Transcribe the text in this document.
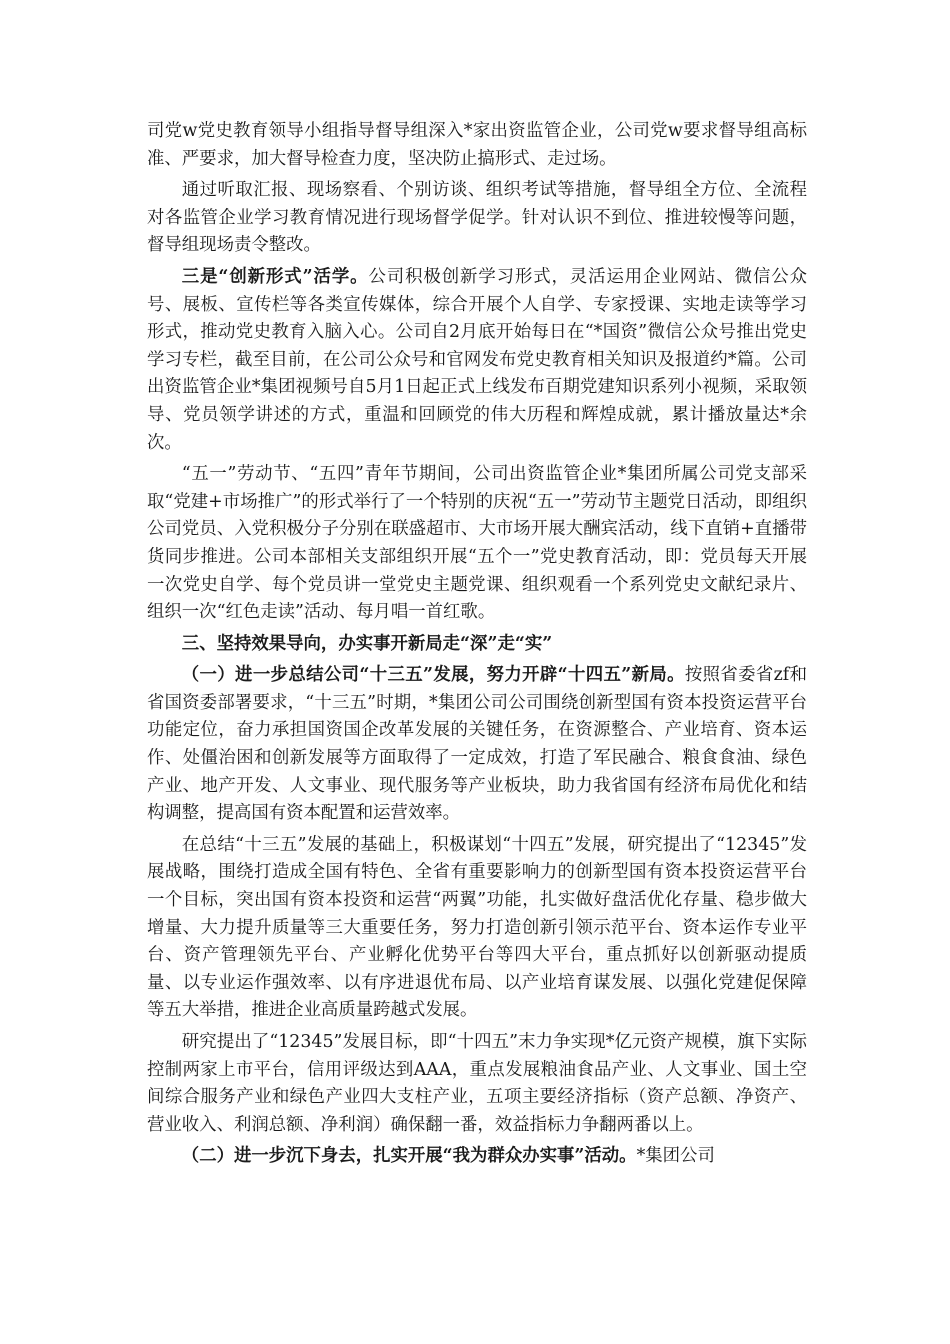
司党w党史教育领导小组指导督导组深入*家出资监管企业，公司党w要求督导组高标准、严要求，加大督导检查力度，坚决防止搞形式、走过场。

通过听取汇报、现场察看、个别访谈、组织考试等措施，督导组全方位、全流程对各监管企业学习教育情况进行现场督学促学。针对认识不到位、推进较慢等问题，督导组现场责令整改。

三是“创新形式”活学。公司积极创新学习形式，灵活运用企业网站、微信公众号、展板、宣传栏等各类宣传媒体，综合开展个人自学、专家授课、实地走读等学习形式，推动党史教育入脑入心。公司自2月底开始每日在“*国资”微信公众号推出党史学习专栏，截至目前，在公司公众号和官网发布党史教育相关知识及报道约*篇。公司出资监管企业*集团视频号自5月1日起正式上线发布百期党建知识系列小视频，采取领导、党员领学讲述的方式，重温和回顾党的伟大历程和辉煌成就，累计播放量达*余次。

“五一”劳动节、“五四”青年节期间，公司出资监管企业*集团所属公司党支部采取“党建+市场推广”的形式举行了一个特别的庆祝“五一”劳动节主题党日活动，即组织公司党员、入党积极分子分别在联盛超市、大市场开展大酬宾活动，线下直销+直播带货同步推进。公司本部相关支部组织开展“五个一”党史教育活动，即：党员每天开展一次党史自学、每个党员讲一堂党史主题党课、组织观看一个系列党史文献纪录片、组织一次“红色走读”活动、每月唱一首红歌。

三、坚持效果导向，办实事开新局走“深”走“实”

（一）进一步总结公司“十三五”发展，努力开辟“十四五”新局。按照省委省zf和省国资委部署要求，“十三五”时期，*集团公司公司围绕创新型国有资本投资运营平台功能定位，奋力承担国资国企改革发展的关键任务，在资源整合、产业培育、资本运作、处僵治困和创新发展等方面取得了一定成效，打造了军民融合、粮食食油、绿色产业、地产开发、人文事业、现代服务等产业板块，助力我省国有经济布局优化和结构调整，提高国有资本配置和运营效率。

在总结“十三五”发展的基础上，积极谋划“十四五”发展，研究提出了“12345”发展战略，围绕打造成全国有特色、全省有重要影响力的创新型国有资本投资运营平台一个目标，突出国有资本投资和运营“两翼”功能，扎实做好盘活优化存量、稳步做大增量、大力提升质量等三大重要任务，努力打造创新引领示范平台、资本运作专业平台、资产管理领先平台、产业孵化优势平台等四大平台，重点抓好以创新驱动提质量、以专业运作强效率、以有序进退优布局、以产业培育谋发展、以强化党建促保障等五大举措，推进企业高质量跨越式发展。

研究提出了“12345”发展目标，即“十四五”末力争实现*亿元资产规模，旗下实际控制两家上市平台，信用评级达到AAA，重点发展粮油食品产业、人文事业、国土空间综合服务产业和绿色产业四大支柱产业，五项主要经济指标（资产总额、净资产、营业收入、利润总额、净利润）确保翻一番，效益指标力争翻两番以上。

（二）进一步沉下身去，扎实开展“我为群众办实事”活动。*集团公司
